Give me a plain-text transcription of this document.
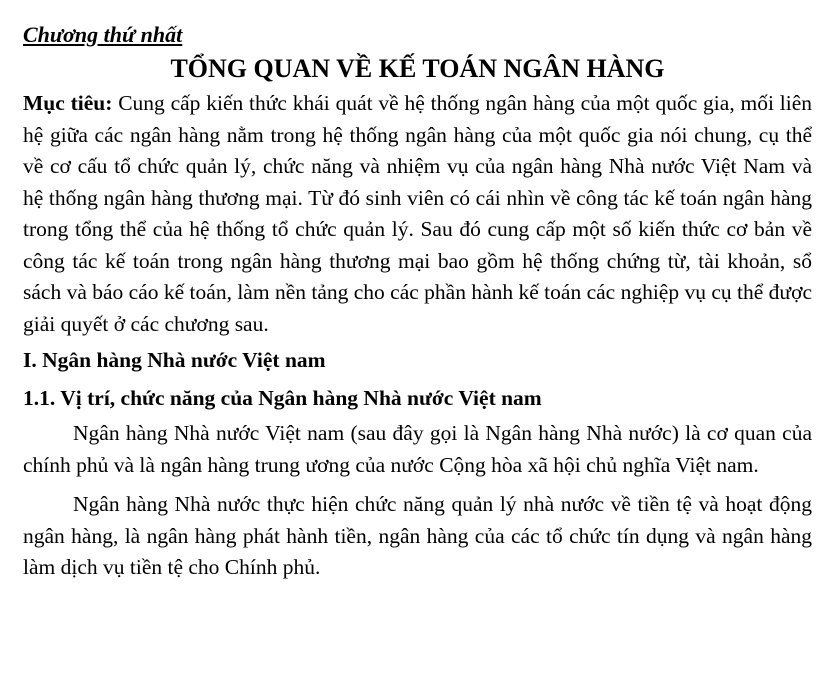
Chương thứ nhất

TỔNG QUAN VỀ KẾ TOÁN NGÂN HÀNG

Mục tiêu: Cung cấp kiến thức khái quát về hệ thống ngân hàng của một quốc gia, mối liên hệ giữa các ngân hàng nằm trong hệ thống ngân hàng của một quốc gia nói chung, cụ thể về cơ cấu tổ chức quản lý, chức năng và nhiệm vụ của ngân hàng Nhà nước Việt Nam và hệ thống ngân hàng thương mại. Từ đó sinh viên có cái nhìn về công tác kế toán ngân hàng trong tổng thể của hệ thống tổ chức quản lý. Sau đó cung cấp một số kiến thức cơ bản về công tác kế toán trong ngân hàng thương mại bao gồm hệ thống chứng từ, tài khoản, sổ sách và báo cáo kế toán, làm nền tảng cho các phần hành kế toán các nghiệp vụ cụ thể được giải quyết ở các chương sau.

I. Ngân hàng Nhà nước Việt nam
1.1. Vị trí, chức năng của Ngân hàng Nhà nước Việt nam

Ngân hàng Nhà nước Việt nam (sau đây gọi là Ngân hàng Nhà nước) là cơ quan của chính phủ và là ngân hàng trung ương của nước Cộng hòa xã hội chủ nghĩa Việt nam.

Ngân hàng Nhà nước thực hiện chức năng quản lý nhà nước về tiền tệ và hoạt động ngân hàng, là ngân hàng phát hành tiền, ngân hàng của các tổ chức tín dụng và ngân hàng làm dịch vụ tiền tệ cho Chính phủ.
